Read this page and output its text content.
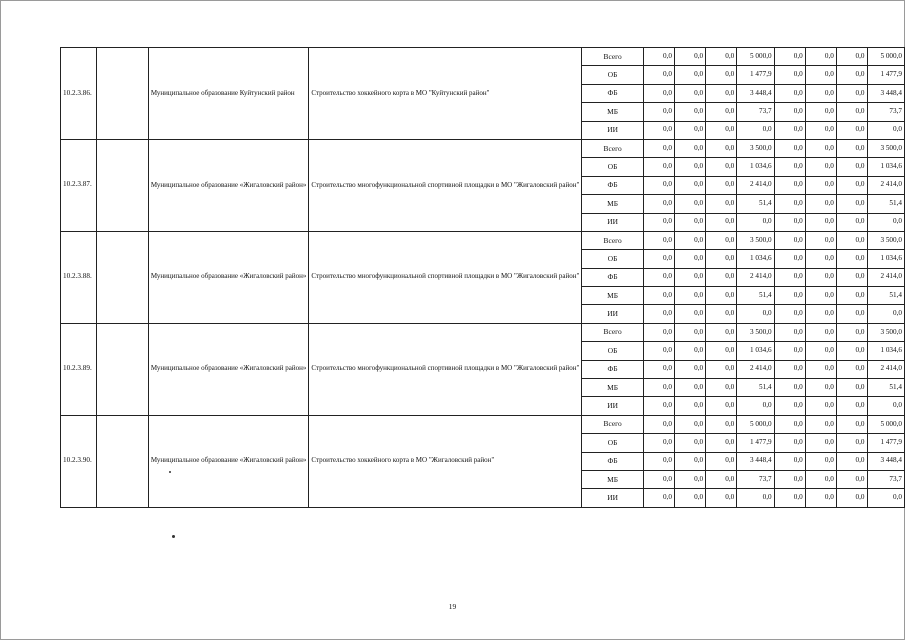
10.2.3.86.		Муниципальное образование Куйтунский район	Строительство хоккейного корта в МО "Куйтунский район"	Всего	0,0	0,0	0,0	5 000,0	0,0	0,0	0,0	5 000,0
				ОБ	0,0	0,0	0,0	1 477,9	0,0	0,0	0,0	1 477,9
				ФБ	0,0	0,0	0,0	3 448,4	0,0	0,0	0,0	3 448,4
				МБ	0,0	0,0	0,0	73,7	0,0	0,0	0,0	73,7
				ИИ	0,0	0,0	0,0	0,0	0,0	0,0	0,0	0,0
10.2.3.87.		Муниципальное образование «Жигаловский район»	Строительство многофункциональной спортивной площадки в МО "Жигаловский район"	Всего	0,0	0,0	0,0	3 500,0	0,0	0,0	0,0	3 500,0
				ОБ	0,0	0,0	0,0	1 034,6	0,0	0,0	0,0	1 034,6
				ФБ	0,0	0,0	0,0	2 414,0	0,0	0,0	0,0	2 414,0
				МБ	0,0	0,0	0,0	51,4	0,0	0,0	0,0	51,4
				ИИ	0,0	0,0	0,0	0,0	0,0	0,0	0,0	0,0
10.2.3.88.		Муниципальное образование «Жигаловский район»	Строительство многофункциональной спортивной площадки в МО "Жигаловский район"	Всего	0,0	0,0	0,0	3 500,0	0,0	0,0	0,0	3 500,0
				ОБ	0,0	0,0	0,0	1 034,6	0,0	0,0	0,0	1 034,6
				ФБ	0,0	0,0	0,0	2 414,0	0,0	0,0	0,0	2 414,0
				МБ	0,0	0,0	0,0	51,4	0,0	0,0	0,0	51,4
				ИИ	0,0	0,0	0,0	0,0	0,0	0,0	0,0	0,0
10.2.3.89.		Муниципальное образование «Жигаловский район»	Строительство многофункциональной спортивной площадки в МО "Жигаловский район"	Всего	0,0	0,0	0,0	3 500,0	0,0	0,0	0,0	3 500,0
				ОБ	0,0	0,0	0,0	1 034,6	0,0	0,0	0,0	1 034,6
				ФБ	0,0	0,0	0,0	2 414,0	0,0	0,0	0,0	2 414,0
				МБ	0,0	0,0	0,0	51,4	0,0	0,0	0,0	51,4
				ИИ	0,0	0,0	0,0	0,0	0,0	0,0	0,0	0,0
10.2.3.90.		Муниципальное образование «Жигаловский район»	Строительство хоккейного корта в МО "Жигаловский район"	Всего	0,0	0,0	0,0	5 000,0	0,0	0,0	0,0	5 000,0
				ОБ	0,0	0,0	0,0	1 477,9	0,0	0,0	0,0	1 477,9
				ФБ	0,0	0,0	0,0	3 448,4	0,0	0,0	0,0	3 448,4
				МБ	0,0	0,0	0,0	73,7	0,0	0,0	0,0	73,7
				ИИ	0,0	0,0	0,0	0,0	0,0	0,0	0,0	0,0
19
